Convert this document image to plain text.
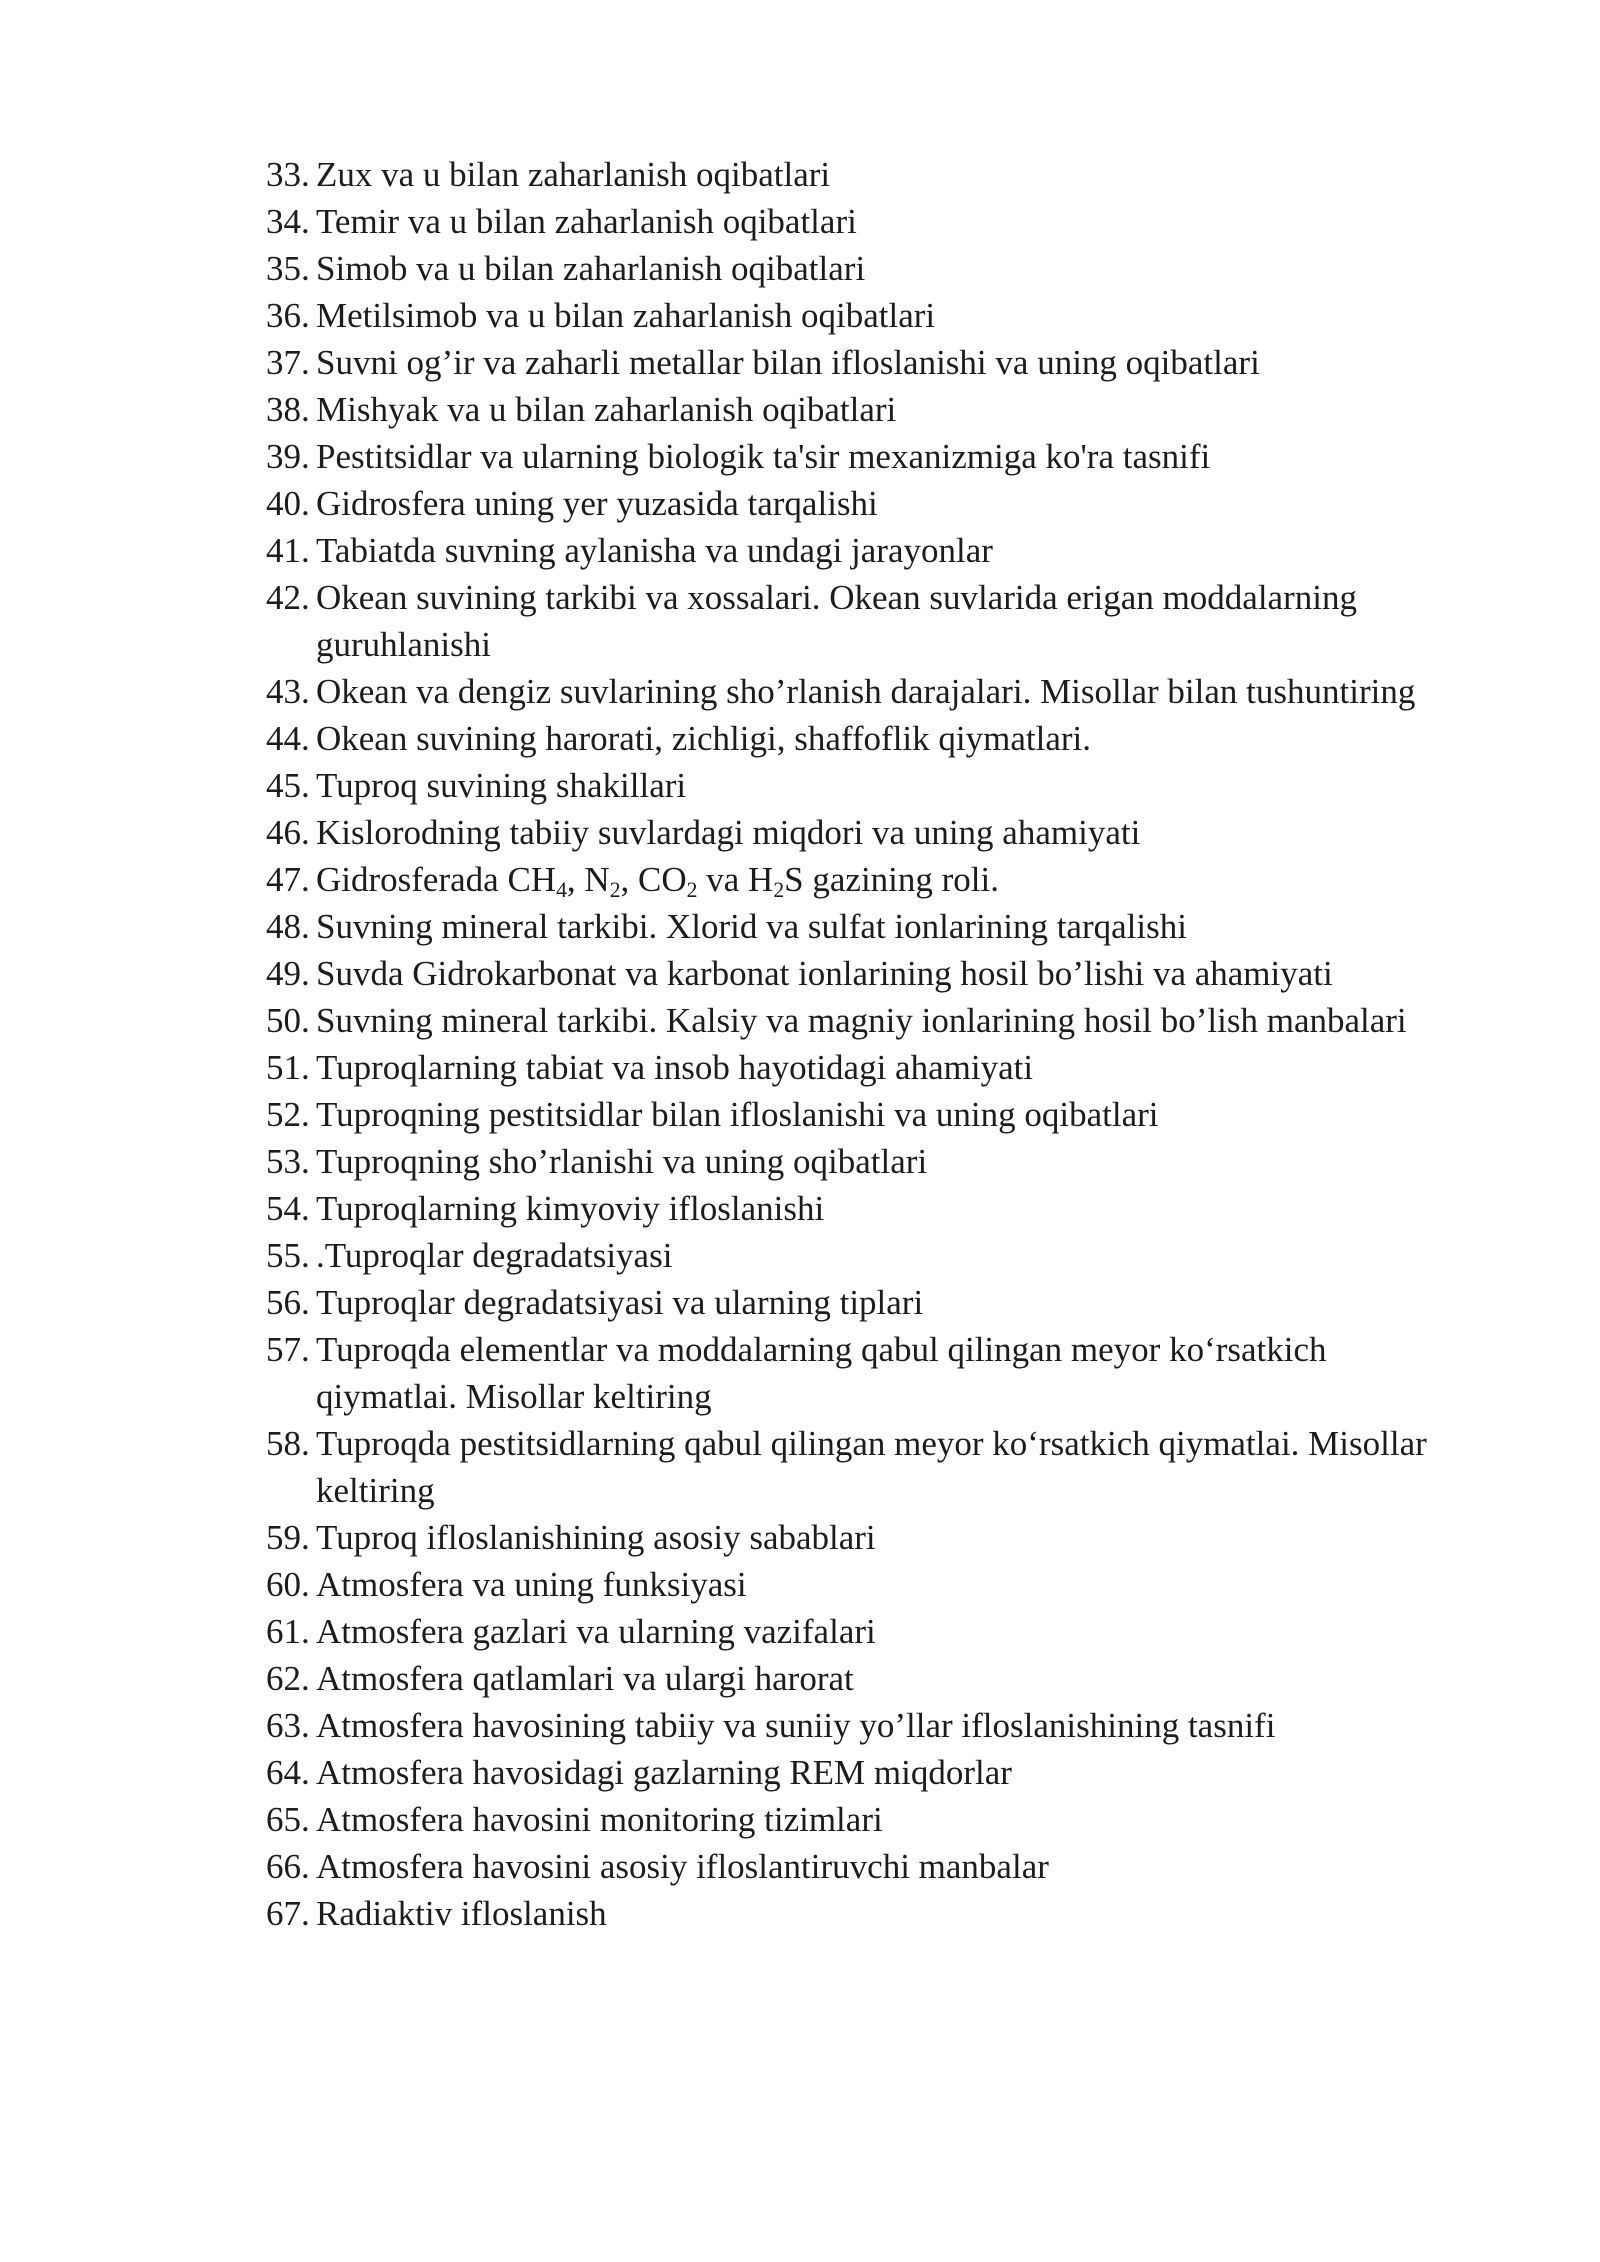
33. Zux va u bilan zaharlanish oqibatlari
34. Temir va u bilan zaharlanish oqibatlari
35. Simob va u bilan zaharlanish oqibatlari
36. Metilsimob va u bilan zaharlanish oqibatlari
37. Suvni og’ir va zaharli metallar bilan ifloslanishi va uning oqibatlari
38. Mishyak va u bilan zaharlanish oqibatlari
39. Pestitsidlar va ularning biologik ta'sir mexanizmiga ko'ra tasnifi
40. Gidrosfera uning yer yuzasida tarqalishi
41. Tabiatda suvning aylanisha va undagi jarayonlar
42. Okean suvining tarkibi va xossalari. Okean suvlarida erigan moddalarning guruhlanishi
43. Okean va dengiz suvlarining sho’rlanish darajalari. Misollar bilan tushuntiring
44. Okean suvining harorati, zichligi, shaffoflik qiymatlari.
45. Tuproq suvining shakillari
46. Kislorodning tabiiy suvlardagi miqdori va uning ahamiyati
47. Gidrosferada $CH_4$, $N_2$, $CO_2$ va $H_2S$ gazining roli.
48. Suvning mineral tarkibi. Xlorid va sulfat ionlarining tarqalishi
49. Suvda Gidrokarbonat va karbonat ionlarining hosil bo’lishi va ahamiyati
50. Suvning mineral tarkibi. Kalsiy va magniy ionlarining hosil bo’lish manbalari
51. Tuproqlarning tabiat va insob hayotidagi ahamiyati
52. Tuproqning pestitsidlar bilan ifloslanishi va uning oqibatlari
53. Tuproqning sho’rlanishi va uning oqibatlari
54. Tuproqlarning kimyoviy ifloslanishi
55. .Tuproqlar degradatsiyasi
56. Tuproqlar degradatsiyasi va ularning tiplari
57. Tuproqda elementlar va moddalarning qabul qilingan meyor ko‘rsatkich qiymatlai. Misollar keltiring
58. Tuproqda pestitsidlarning qabul qilingan meyor ko‘rsatkich qiymatlai. Misollar keltiring
59. Tuproq ifloslanishining asosiy sabablari
60. Atmosfera va uning funksiyasi
61. Atmosfera gazlari va ularning vazifalari
62. Atmosfera qatlamlari va ulargi harorat
63. Atmosfera havosining tabiiy va suniiy yo’llar ifloslanishining tasnifi
64. Atmosfera havosidagi gazlarning REM miqdorlar
65. Atmosfera havosini monitoring tizimlari
66. Atmosfera havosini asosiy ifloslantiruvchi manbalar
67. Radiaktiv ifloslanish
